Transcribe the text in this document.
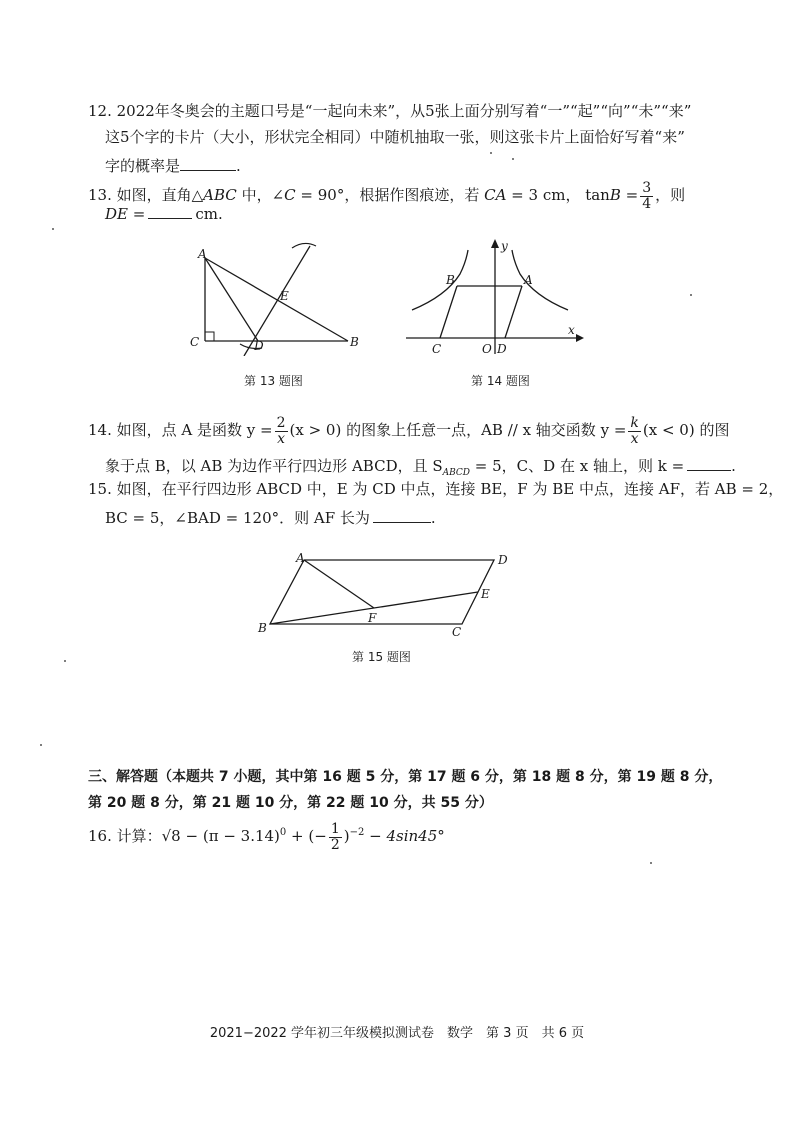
12. 2022年冬奥会的主题口号是“一起向未来”，从5张上面分别写着“一”“起”“向”“未”“来”
这5个字的卡片（大小，形状完全相同）中随机抽取一张，则这张卡片上面恰好写着“来”
字的概率是	.
13. 如图，直角△ABC 中，∠C = 90°，根据作图痕迹，若 CA = 3 cm， $\tan B = \frac{3}{4}$ ，则
DE =	cm.
A
C	D
E
B
第 13 题图
y
x
B	A
C	O D
第 14 题图
14. 如图，点 A 是函数 $y = \frac{2}{x} (x > 0)$ 的图象上任意一点，AB // x 轴交函数 $y = \frac{k}{x} (x < 0)$ 的图
象于点 B，以 AB 为边作平行四边形 ABCD，且 $S_{ABCD} = 5$，C、D 在 x 轴上，则 k =	.
15. 如图，在平行四边形 ABCD 中，E 为 CD 中点，连接 BE，F 为 BE 中点，连接 AF，若 AB = 2，
BC = 5，∠BAD = 120°．则 AF 长为	.
A	D
E
F
B	C
第 15 题图
三、解答题（本题共 7 小题，其中第 16 题 5 分，第 17 题 6 分，第 18 题 8 分，第 19 题 8 分，
第 20 题 8 分，第 21 题 10 分，第 22 题 10 分，共 55 分）
16. 计算：$√8 - (\pi - 3.14)^0$ + (− $\frac{1}{2} )^{-2} - 4\sin 45^\circ$
2021−2022 学年初三年级模拟测试卷　数学　第 3 页　共 6 页
